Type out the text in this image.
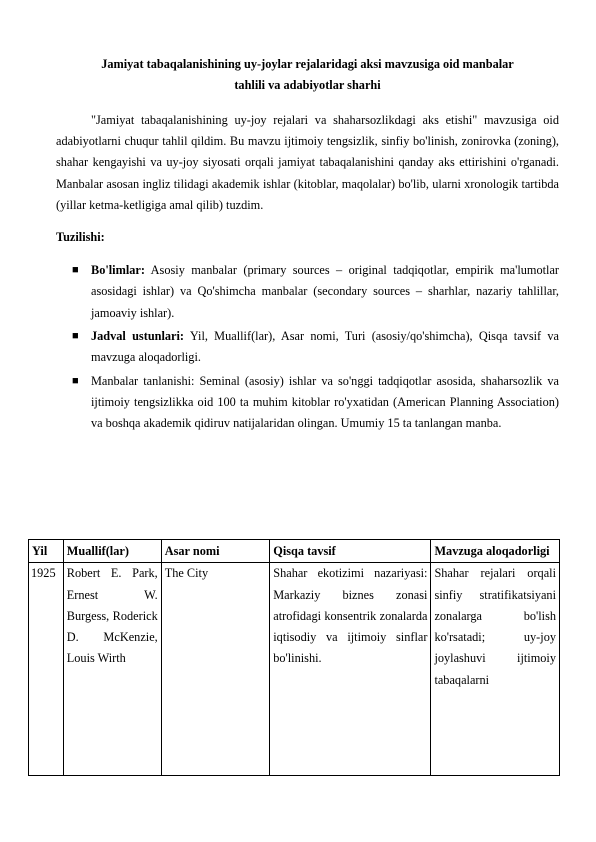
Jamiyat tabaqalanishining uy-joylar rejalaridagi aksi mavzusiga oid manbalar
tahlili va adabiyotlar sharhi

"Jamiyat tabaqalanishining uy-joy rejalari va shaharsozlikdagi aks etishi" mavzusiga oid adabiyotlarni chuqur tahlil qildim. Bu mavzu ijtimoiy tengsizlik, sinfiy bo'linish, zonirovka (zoning), shahar kengayishi va uy-joy siyosati orqali jamiyat tabaqalanishini qanday aks ettirishini o'rganadi. Manbalar asosan ingliz tilidagi akademik ishlar (kitoblar, maqolalar) bo'lib, ularni xronologik tartibda (yillar ketma-ketligiga amal qilib) tuzdim.

Tuzilishi:

■ Bo'limlar: Asosiy manbalar (primary sources – original tadqiqotlar, empirik ma'lumotlar asosidagi ishlar) va Qo'shimcha manbalar (secondary sources – sharhlar, nazariy tahlillar, jamoaviy ishlar).
■ Jadval ustunlari: Yil, Muallif(lar), Asar nomi, Turi (asosiy/qo'shimcha), Qisqa tavsif va mavzuga aloqadorligi.
■ Manbalar tanlanishi: Seminal (asosiy) ishlar va so'nggi tadqiqotlar asosida, shaharsozlik va ijtimoiy tengsizlikka oid 100 ta muhim kitoblar ro'yxatidan (American Planning Association) va boshqa akademik qidiruv natijalaridan olingan. Umumiy 15 ta tanlangan manba.
Yil	Muallif(lar)	Asar nomi	Qisqa tavsif	Mavzuga aloqadorligi
1925	Robert E. Park, Ernest W. Burgess, Roderick D. McKenzie, Louis Wirth	The City	Shahar ekotizimi nazariyasi: Markaziy biznes zonasi atrofidagi konsentrik zonalarda iqtisodiy va ijtimoiy sinflar bo'linishi.	Shahar rejalari orqali sinfiy stratifikatsiyani zonalarga bo'lish ko'rsatadi; uy-joy joylashuvi ijtimoiy tabaqalarni
